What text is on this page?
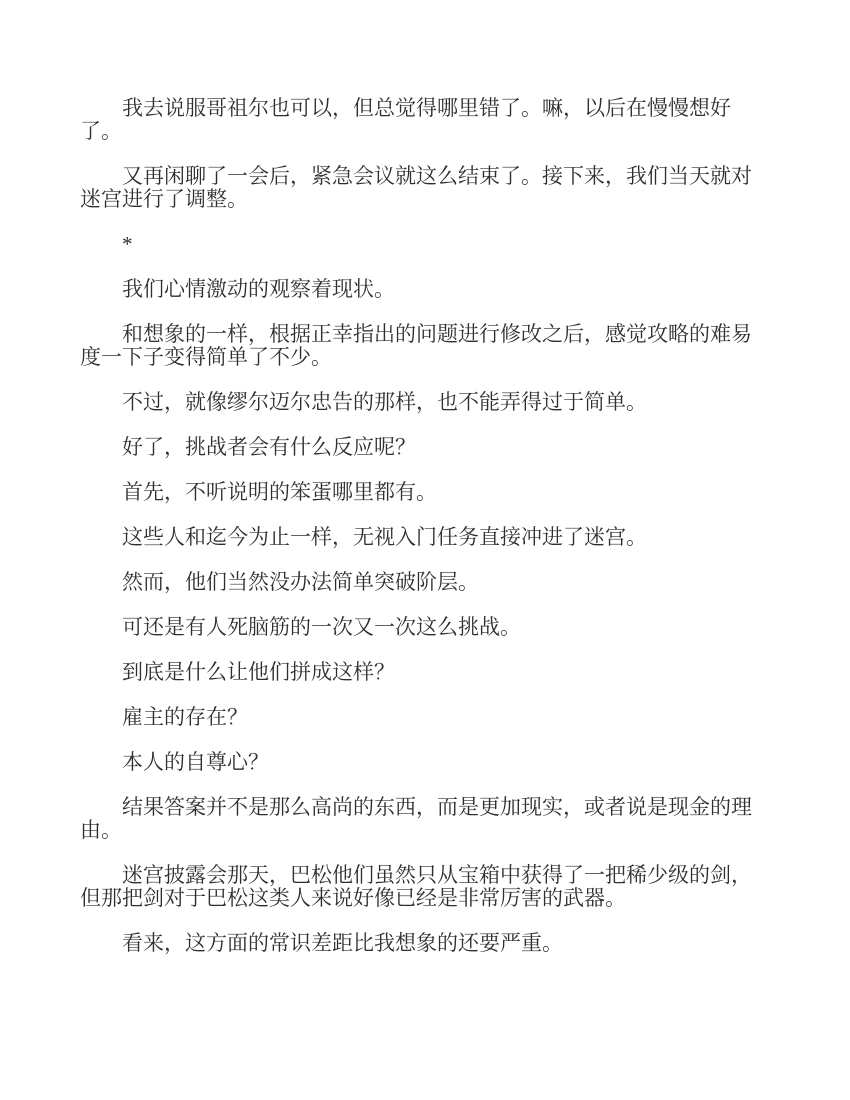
我去说服哥祖尔也可以，但总觉得哪里错了。嘛，以后在慢慢想好了。

又再闲聊了一会后，紧急会议就这么结束了。接下来，我们当天就对迷宫进行了调整。

*

我们心情激动的观察着现状。

和想象的一样，根据正幸指出的问题进行修改之后，感觉攻略的难易度一下子变得简单了不少。

不过，就像缪尔迈尔忠告的那样，也不能弄得过于简单。

好了，挑战者会有什么反应呢？

首先，不听说明的笨蛋哪里都有。

这些人和迄今为止一样，无视入门任务直接冲进了迷宫。

然而，他们当然没办法简单突破阶层。

可还是有人死脑筋的一次又一次这么挑战。

到底是什么让他们拼成这样？

雇主的存在？

本人的自尊心？

结果答案并不是那么高尚的东西，而是更加现实，或者说是现金的理由。

迷宫披露会那天，巴松他们虽然只从宝箱中获得了一把稀少级的剑，但那把剑对于巴松这类人来说好像已经是非常厉害的武器。

看来，这方面的常识差距比我想象的还要严重。
